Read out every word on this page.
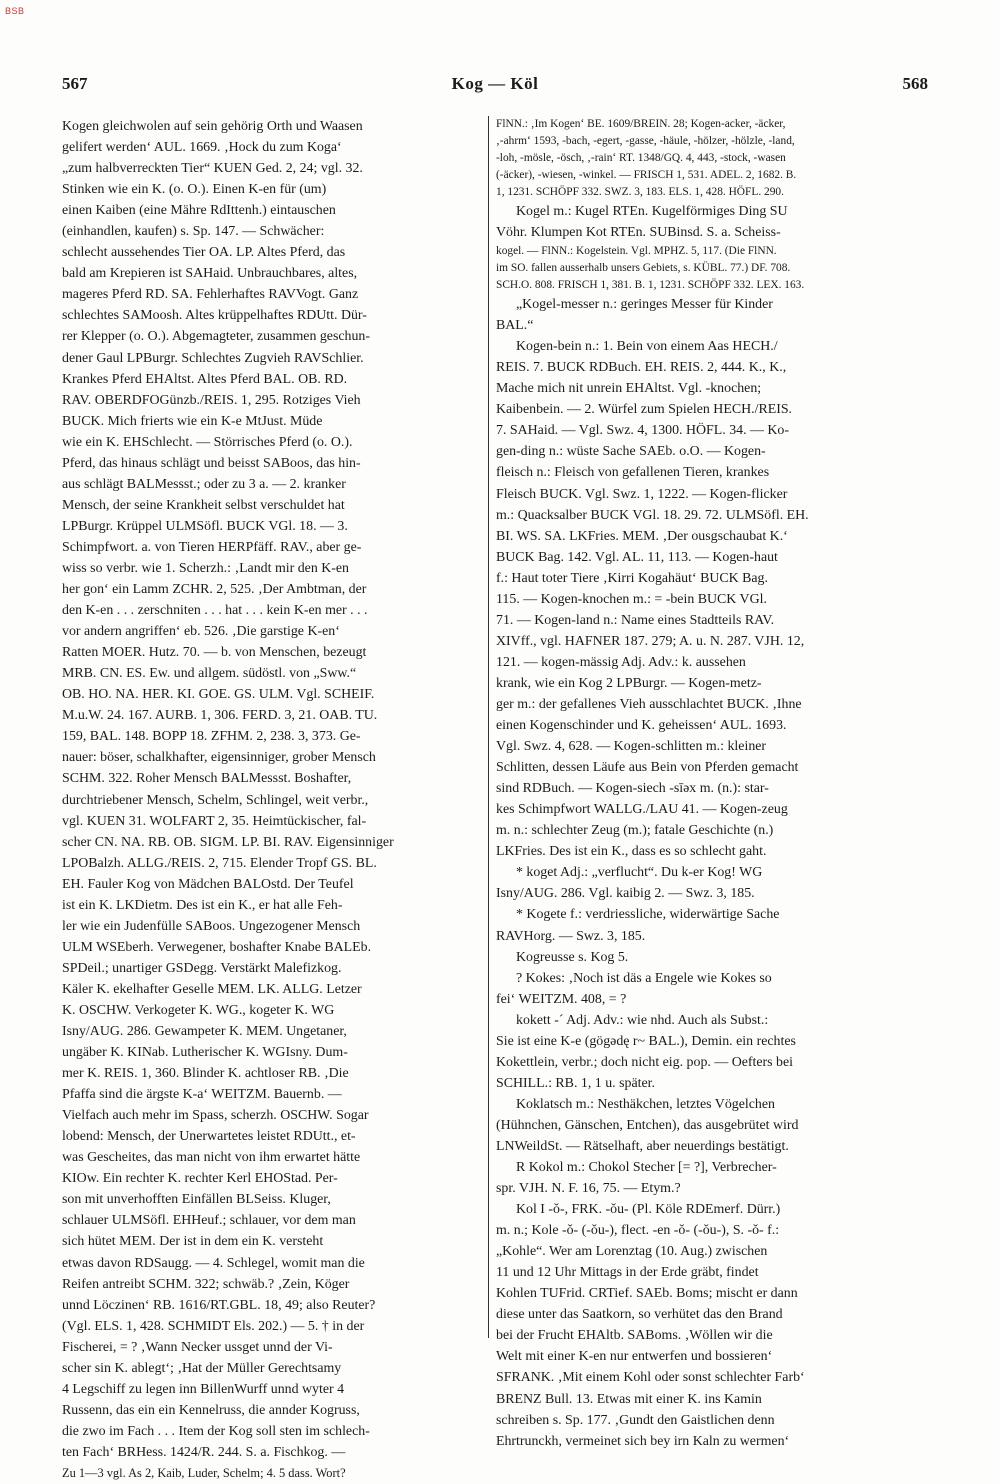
BSB
567	Kog — Köl	568

Kogen gleichwolen auf sein gehörig Orth und Waasen

gelifert werden‘ AUL. 1669. ‚Hock du zum Koga‘

„zum halbverreckten Tier“ KUEN Ged. 2, 24; vgl. 32.

Stinken wie ein K. (o. O.). Einen K-en für (um)

einen Kaiben (eine Mähre RdIttenh.) eintauschen

(einhandlen, kaufen) s. Sp. 147. — Schwächer:

schlecht aussehendes Tier OA. LP. Altes Pferd, das

bald am Krepieren ist SAHaid. Unbrauchbares, altes,

mageres Pferd RD. SA. Fehlerhaftes RAVVogt. Ganz

schlechtes SAMoosh. Altes krüppelhaftes RDUtt. Dür-

rer Klepper (o. O.). Abgemagteter, zusammen geschun-

dener Gaul LPBurgr. Schlechtes Zugvieh RAVSchlier.

Krankes Pferd EHAltst. Altes Pferd BAL. OB. RD.

RAV. OBERDFOGünzb./REIS. 1, 295. Rotziges Vieh

BUCK. Mich frierts wie ein K-e MtJust. Müde

wie ein K. EHSchlecht. — Störrisches Pferd (o. O.).

Pferd, das hinaus schlägt und beisst SABoos, das hin-

aus schlägt BALMessst.; oder zu 3 a. — 2. kranker

Mensch, der seine Krankheit selbst verschuldet hat

LPBurgr. Krüppel ULMSöfl. BUCK VGl. 18. — 3.

Schimpfwort. a. von Tieren HERPfäff. RAV., aber ge-

wiss so verbr. wie 1. Scherzh.: ‚Landt mir den K-en

her gon‘ ein Lamm ZCHR. 2, 525. ‚Der Ambtman, der

den K-en . . . zerschniten . . . hat . . . kein K-en mer . . .

vor andern angriffen‘ eb. 526. ‚Die garstige K-en‘

Ratten MOER. Hutz. 70. — b. von Menschen, bezeugt

MRB. CN. ES. Ew. und allgem. südöstl. von „Sww.“

OB. HO. NA. HER. KI. GOE. GS. ULM. Vgl. SCHEIF.

M.u.W. 24. 167. AURB. 1, 306. FERD. 3, 21. OAB. TU.

159, BAL. 148. BOPP 18. ZFHM. 2, 238. 3, 373. Ge-

nauer: böser, schalkhafter, eigensinniger, grober Mensch

SCHM. 322. Roher Mensch BALMessst. Boshafter,

durchtriebener Mensch, Schelm, Schlingel, weit verbr.,

vgl. KUEN 31. WOLFART 2, 35. Heimtückischer, fal-

scher CN. NA. RB. OB. SIGM. LP. BI. RAV. Eigensinniger

LPOBalzh. ALLG./REIS. 2, 715. Elender Tropf GS. BL.

EH. Fauler Kog von Mädchen BALOstd. Der Teufel

ist ein K. LKDietm. Des ist ein K., er hat alle Feh-

ler wie ein Judenfülle SABoos. Ungezogener Mensch

ULM WSEberh. Verwegener, boshafter Knabe BALEb.

SPDeil.; unartiger GSDegg. Verstärkt Malefizkog.

Käler K. ekelhafter Geselle MEM. LK. ALLG. Letzer

K. OSCHW. Verkogeter K. WG., kogeter K. WG

Isny/AUG. 286. Gewampeter K. MEM. Ungetaner,

ungäber K. KINab. Lutherischer K. WGIsny. Dum-

mer K. REIS. 1, 360. Blinder K. achtloser RB. ‚Die

Pfaffa sind die ärgste K-a‘ WEITZM. Bauernb. —

Vielfach auch mehr im Spass, scherzh. OSCHW. Sogar

lobend: Mensch, der Unerwartetes leistet RDUtt., et-

was Gescheites, das man nicht von ihm erwartet hätte

KIOw. Ein rechter K. rechter Kerl EHOStad. Per-

son mit unverhofften Einfällen BLSeiss. Kluger,

schlauer ULMSöfl. EHHeuf.; schlauer, vor dem man

sich hütet MEM. Der ist in dem ein K. versteht

etwas davon RDSaugg. — 4. Schlegel, womit man die

Reifen antreibt SCHM. 322; schwäb.? ‚Zein, Köger

unnd Löczinen‘ RB. 1616/RT.GBL. 18, 49; also Reuter?

(Vgl. ELS. 1, 428. SCHMIDT Els. 202.) — 5. † in der

Fischerei, = ? ‚Wann Necker ussget unnd der Vi-

scher sin K. ablegt‘; ‚Hat der Müller Gerechtsamy

4 Legschiff zu legen inn BillenWurff unnd wyter 4

Russenn, das ein ein Kennelruss, die annder Kogruss,

die zwo im Fach . . . Item der Kog soll sten im schlech-

ten Fach‘ BRHess. 1424/R. 244. S. a. Fischkog. —

Zu 1—3 vgl. As 2, Kaib, Luder, Schelm; 4. 5 dass. Wort?

FlNN.: ‚Im Kogen‘ BE. 1609/BREIN. 28; Kogen-acker, -äcker,

‚-ahrm‘ 1593, -bach, -egert, -gasse, -häule, -hölzer, -hölzle, -land,

-loh, -mösle, -ösch, ‚-rain‘ RT. 1348/GQ. 4, 443, -stock, -wasen

(-äcker), -wiesen, -winkel. — FRISCH 1, 531. ADEL. 2, 1682. B.

1, 1231. SCHÖPF 332. SWZ. 3, 183. ELS. 1, 428. HÖFL. 290.

Kogel m.: Kugel RTEn. Kugelförmiges Ding SU

Vöhr. Klumpen Kot RTEn. SUBinsd. S. a. Scheiss-

kogel. — FlNN.: Kogelstein. Vgl. MPHZ. 5, 117. (Die FlNN.

im SO. fallen ausserhalb unsers Gebiets, s. KÜBL. 77.) DF. 708.

SCH.O. 808. FRISCH 1, 381. B. 1, 1231. SCHÖPF 332. LEX. 163.

„Kogel-messer n.: geringes Messer für Kinder

BAL.“

Kogen-bein n.: 1. Bein von einem Aas HECH./

REIS. 7. BUCK RDBuch. EH. REIS. 2, 444. K., K.,

Mache mich nit unrein EHAltst. Vgl. -knochen;

Kaibenbein. — 2. Würfel zum Spielen HECH./REIS.

7. SAHaid. — Vgl. Swz. 4, 1300. HÖFL. 34. — Ko-

gen-ding n.: wüste Sache SAEb. o.O. — Kogen-

fleisch n.: Fleisch von gefallenen Tieren, krankes

Fleisch BUCK. Vgl. Swz. 1, 1222. — Kogen-flicker

m.: Quacksalber BUCK VGl. 18. 29. 72. ULMSöfl. EH.

BI. WS. SA. LKFries. MEM. ‚Der ousgschaubat K.‘

BUCK Bag. 142. Vgl. AL. 11, 113. — Kogen-haut

f.: Haut toter Tiere ‚Kirri Kogahäut‘ BUCK Bag.

115. — Kogen-knochen m.: = -bein BUCK VGl.

71. — Kogen-land n.: Name eines Stadtteils RAV.

XIVff., vgl. HAFNER 187. 279; A. u. N. 287. VJH. 12,

121. — kogen-mässig Adj. Adv.: k. aussehen

krank, wie ein Kog 2 LPBurgr. — Kogen-metz-

ger m.: der gefallenes Vieh ausschlachtet BUCK. ‚Ihne

einen Kogenschinder und K. geheissen‘ AUL. 1693.

Vgl. Swz. 4, 628. — Kogen-schlitten m.: kleiner

Schlitten, dessen Läufe aus Bein von Pferden gemacht

sind RDBuch. — Kogen-siech -sīəx m. (n.): star-

kes Schimpfwort WALLG./LAU 41. — Kogen-zeug

m. n.: schlechter Zeug (m.); fatale Geschichte (n.)

LKFries. Des ist ein K., dass es so schlecht gaht.

* koget Adj.: „verflucht“. Du k-er Kog! WG

Isny/AUG. 286. Vgl. kaibig 2. — Swz. 3, 185.

* Kogete f.: verdriessliche, widerwärtige Sache

RAVHorg. — Swz. 3, 185.

Kogreusse s. Kog 5.

? Kokes: ‚Noch ist däs a Engele wie Kokes so

fei‘ WEITZM. 408, = ?

kokett -ˊ Adj. Adv.: wie nhd. Auch als Subst.:

Sie ist eine K-e (gögədę r~ BAL.), Demin. ein rechtes

Kokettlein, verbr.; doch nicht eig. pop. — Oefters bei

SCHILL.: RB. 1, 1 u. später.

Koklatsch m.: Nesthäkchen, letztes Vögelchen

(Hühnchen, Gänschen, Entchen), das ausgebrütet wird

LNWeildSt. — Rätselhaft, aber neuerdings bestätigt.

R Kokol m.: Chokol Stecher [= ?], Verbrecher-

spr. VJH. N. F. 16, 75. — Etym.?

Kol I -ǒ-, FRK. -ǒu- (Pl. Köle RDEmerf. Dürr.)

m. n.; Kole -ǒ- (-ǒu-), flect. -en -ǒ- (-ǒu-), S. -ǒ- f.:

„Kohle“. Wer am Lorenztag (10. Aug.) zwischen

11 und 12 Uhr Mittags in der Erde gräbt, findet

Kohlen TUFrid. CRTief. SAEb. Boms; mischt er dann

diese unter das Saatkorn, so verhütet das den Brand

bei der Frucht EHAltb. SABoms. ‚Wöllen wir die

Welt mit einer K-en nur entwerfen und bossieren‘

SFRANK. ‚Mit einem Kohl oder sonst schlechter Farb‘

BRENZ Bull. 13. Etwas mit einer K. ins Kamin

schreiben s. Sp. 177. ‚Gundt den Gaistlichen denn

Ehrtrunckh, vermeinet sich bey irn Kaln zu wermen‘
